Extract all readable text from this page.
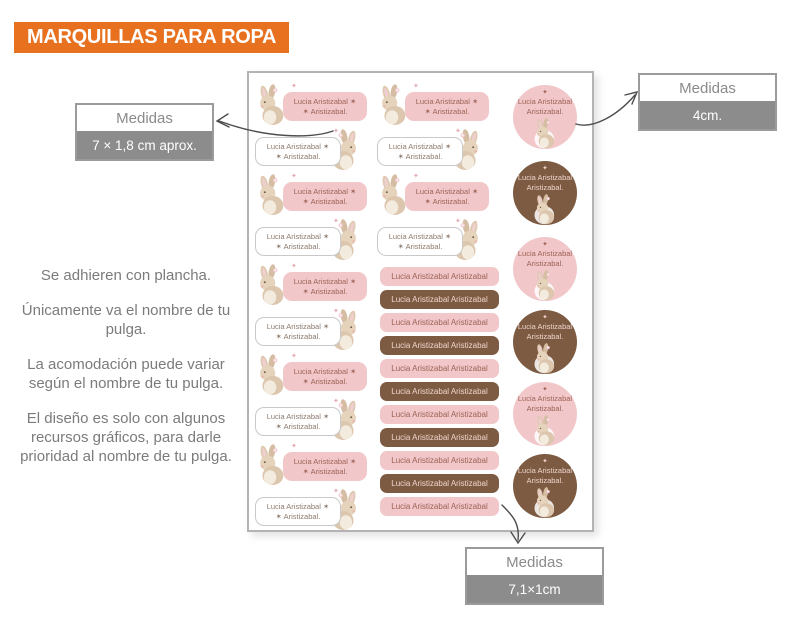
MARQUILLAS PARA ROPA
Medidas
7 × 1,8 cm aprox.
Medidas
4cm.
Medidas
7,1×1cm

Se adhieren con plancha.

Únicamente va el nombre de tu pulga.

La acomodación puede variar según el nombre de tu pulga.

El diseño es solo con algunos recursos gráficos, para darle prioridad al nombre de tu pulga.

✦
Lucia Aristizabal ✶
✶ Aristizabal.
✦
Lucia Aristizabal ✶
✶ Aristizabal.
✦
Lucia Aristizabal ✶
✶ Aristizabal.
✦
Lucia Aristizabal ✶
✶ Aristizabal.
✦
Lucia Aristizabal ✶
✶ Aristizabal.
✦
Lucia Aristizabal ✶
✶ Aristizabal.
✦
Lucia Aristizabal ✶
✶ Aristizabal.
✦
Lucia Aristizabal ✶
✶ Aristizabal.
✦
Lucia Aristizabal ✶
✶ Aristizabal.
✦
Lucia Aristizabal ✶
✶ Aristizabal.
✦
Lucia Aristizabal ✶
✶ Aristizabal.
✦
Lucia Aristizabal ✶
✶ Aristizabal.
✦
Lucia Aristizabal ✶
✶ Aristizabal.
✦
Lucia Aristizabal ✶
✶ Aristizabal.
Lucia Aristizabal Aristizabal
Lucia Aristizabal Aristizabal
Lucia Aristizabal Aristizabal
Lucia Aristizabal Aristizabal
Lucia Aristizabal Aristizabal
Lucia Aristizabal Aristizabal
Lucia Aristizabal Aristizabal
Lucia Aristizabal Aristizabal
Lucia Aristizabal Aristizabal
Lucia Aristizabal Aristizabal
Lucia Aristizabal Aristizabal
✦
Lucia Aristizabal
Aristizabal.
✦
Lucia Aristizabal
Aristizabal.
✦
Lucia Aristizabal
Aristizabal.
✦
Lucia Aristizabal
Aristizabal.
✦
Lucia Aristizabal
Aristizabal.
✦
Lucia Aristizabal
Aristizabal.
